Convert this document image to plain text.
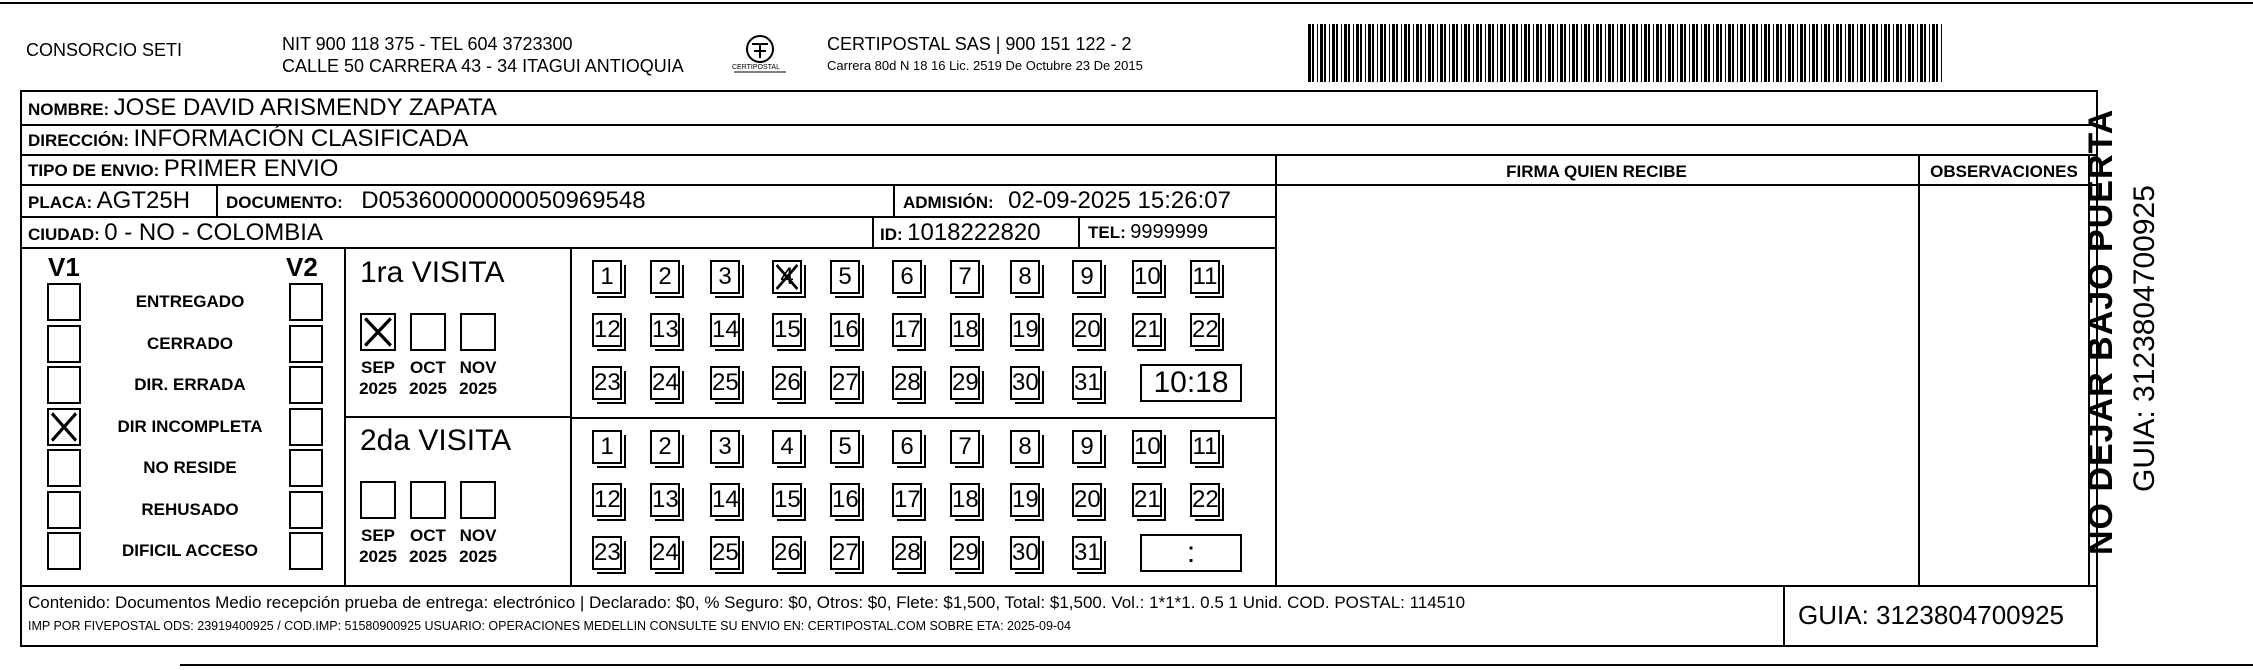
CONSORCIO SETI	NIT 900 118 375 - TEL 604 3723300
CALLE 50 CARRERA 43 - 34 ITAGUI ANTIOQUIA	CERTIPOSTAL
CERTIPOSTAL SAS | 900 151 122 - 2
Carrera 80d N 18 16 Lic. 2519 De Octubre 23 De 2015
NOMBRE: JOSE DAVID ARISMENDY ZAPATA
DIRECCIÓN: INFORMACIÓN CLASIFICADA
TIPO DE ENVIO: PRIMER ENVIO	FIRMA QUIEN RECIBE	OBSERVACIONES
PLACA: AGT25H DOCUMENTO: D05360000000050969548	ADMISIÓN: 02-09-2025 15:26:07
CIUDAD: 0 - NO - COLOMBIA	ID: 1018222820	TEL: 9999999
V1	V2
ENTREGADO
CERRADO
DIR. ERRADA
DIR INCOMPLETA
NO RESIDE
REHUSADO
DIFICIL ACCESO
1ra VISITA
SEP
2025
OCT
2025
NOV
2025
1	2	3	4	5	6	7	8	9	10 11
12 13 14 15 16 17 18 19 20 21 22
23 24 25 26 27 28 29 30 31	10:18
2da VISITA
SEP
2025
OCT
2025
NOV
2025
1	2	3	4	5	6	7	8	9	10 11
12 13 14 15 16 17 18 19 20 21 22
23 24 25 26 27 28 29 30 31	:
Contenido: Documentos Medio recepción prueba de entrega: electrónico | Declarado: $0, % Seguro: $0, Otros: $0, Flete: $1,500, Total: $1,500. Vol.: 1*1*1. 0.5 1 Unid. COD. POSTAL: 114510
IMP POR FIVEPOSTAL ODS: 23919400925 / COD.IMP: 51580900925 USUARIO: OPERACIONES MEDELLIN CONSULTE SU ENVIO EN: CERTIPOSTAL.COM SOBRE ETA: 2025-09-04	GUIA: 3123804700925
NO DEJAR BAJO PUERTA GUIA: 3123804700925
